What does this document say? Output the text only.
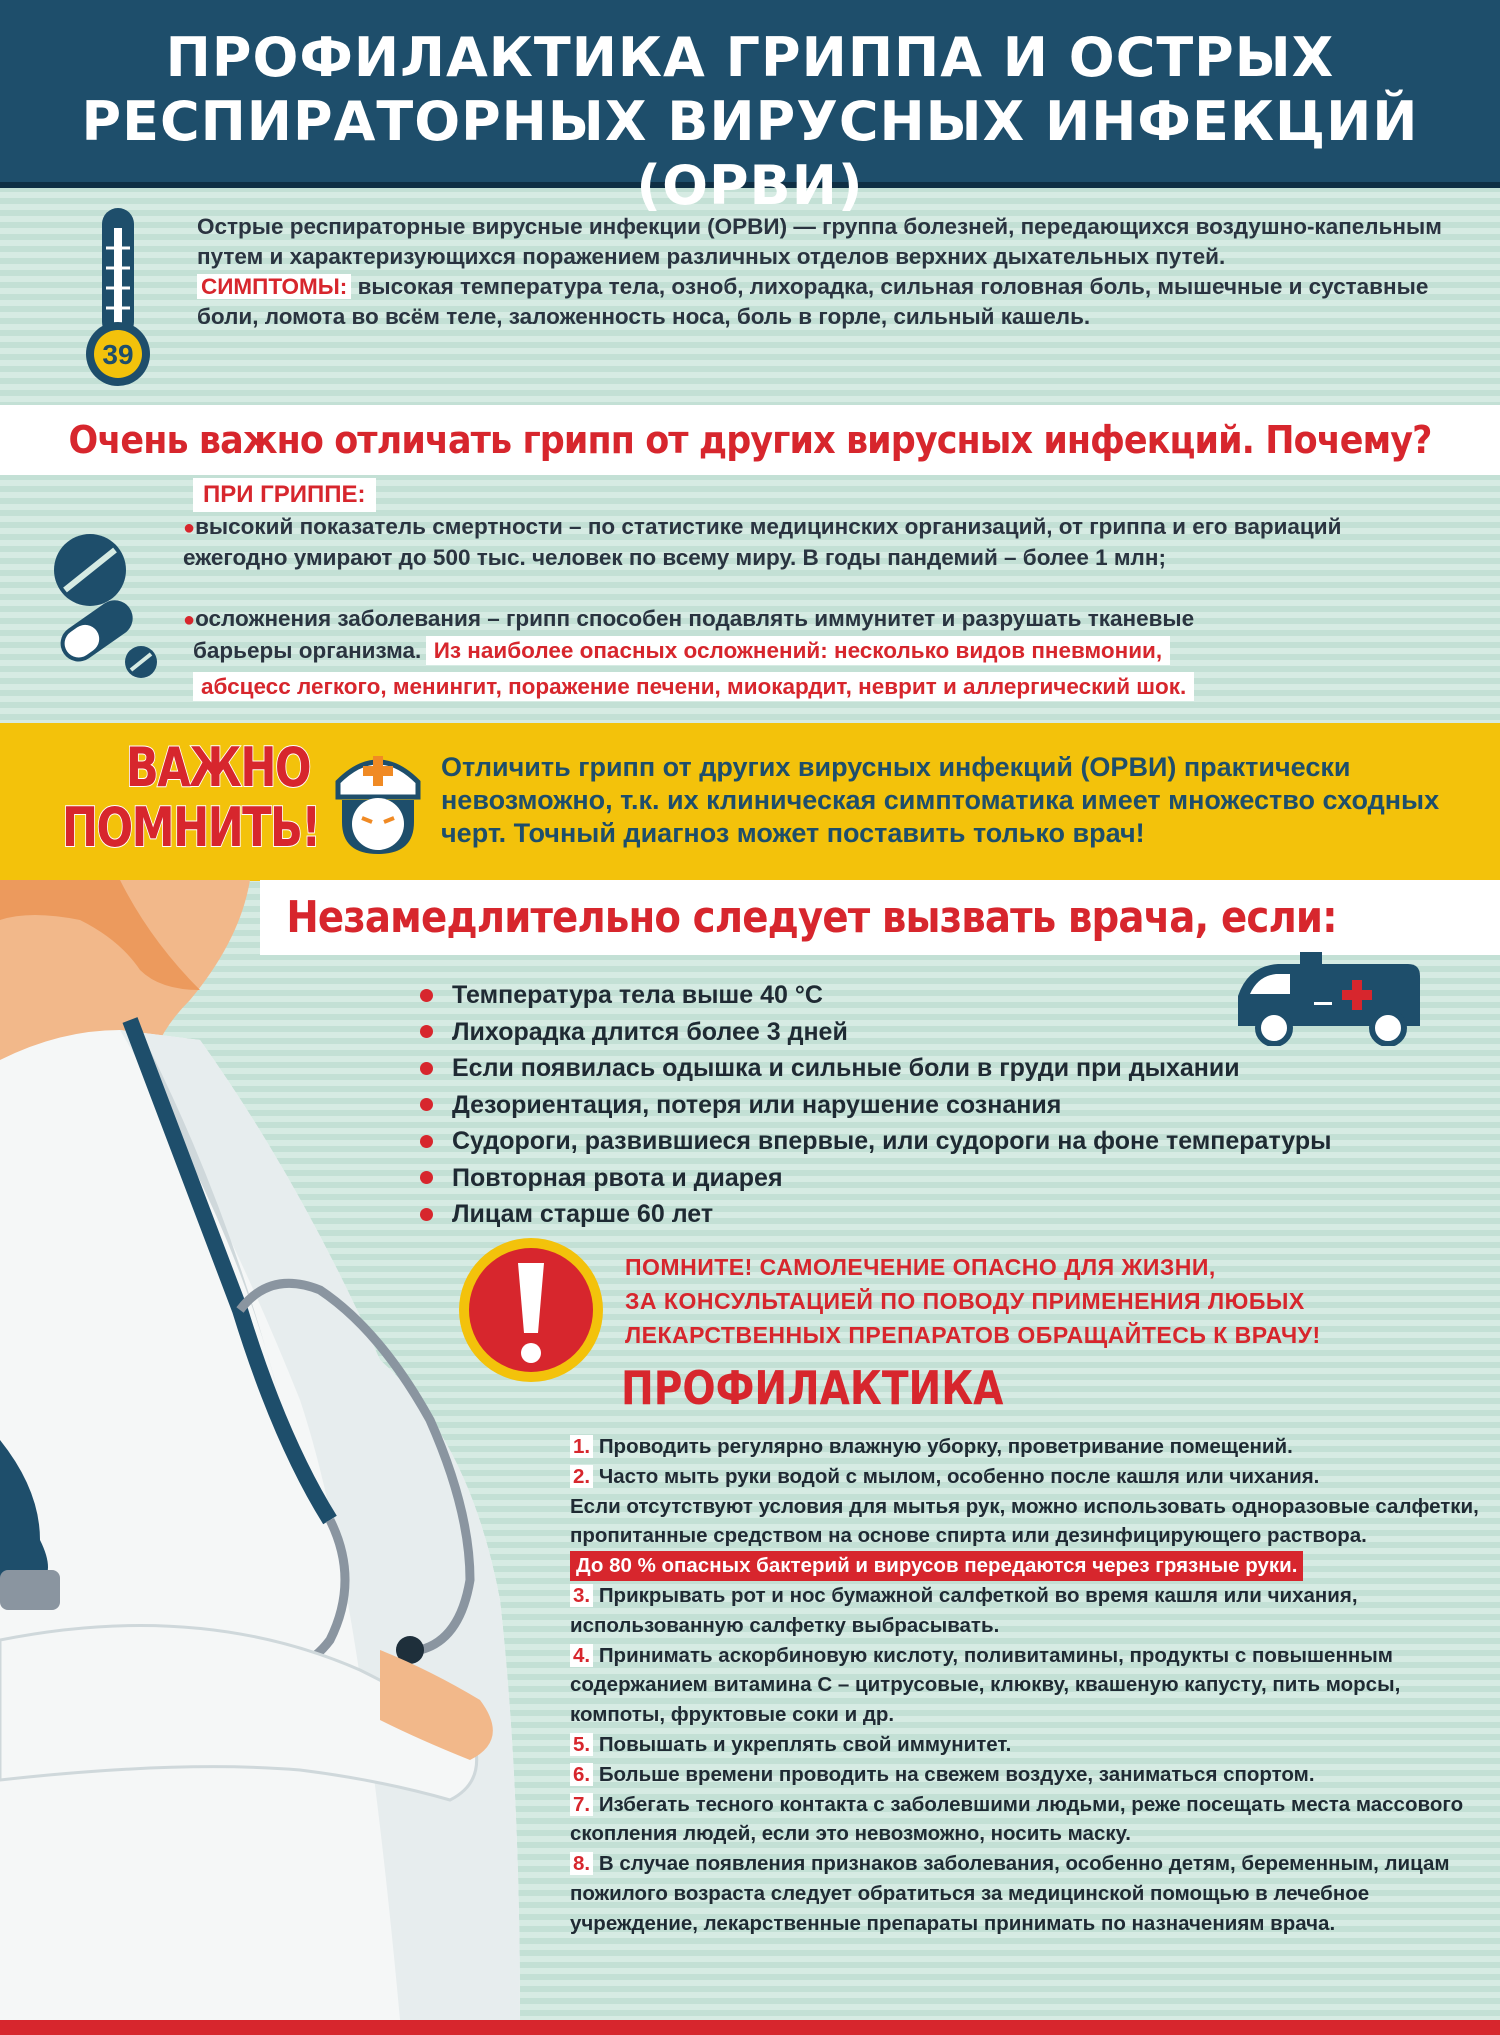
ПРОФИЛАКТИКА ГРИППА И ОСТРЫХ
РЕСПИРАТОРНЫХ ВИРУСНЫХ ИНФЕКЦИЙ (ОРВИ)
39
Острые респираторные вирусные инфекции (ОРВИ) — группа болезней, передающихся воздушно-капельным путем и характеризующихся поражением различных отделов верхних дыхательных путей.
СИМПТОМЫ: высокая температура тела, озноб, лихорадка, сильная головная боль, мышечные и суставные боли, ломота во всём теле, заложенность носа, боль в горле, сильный кашель.
Очень важно отличать грипп от других вирусных инфекций. Почему?
ПРИ ГРИППЕ:
●высокий показатель смертности – по статистике медицинских организаций, от гриппа и его вариаций ежегодно умирают до 500 тыс. человек по всему миру. В годы пандемий – более 1 млн;
●осложнения заболевания – грипп способен подавлять иммунитет и разрушать тканевые
барьеры организма. Из наиболее опасных осложнений: несколько видов пневмонии,
абсцесс легкого, менингит, поражение печени, миокардит, неврит и аллергический шок.
ВАЖНО
ПОМНИТЬ!
Отличить грипп от других вирусных инфекций (ОРВИ) практически невозможно, т.к. их клиническая симптоматика имеет множество сходных черт. Точный диагноз может поставить только врач!
Незамедлительно следует вызвать врача, если:
Температура тела выше 40 °С
Лихорадка длится более 3 дней
Если появилась одышка и сильные боли в груди при дыхании
Дезориентация, потеря или нарушение сознания
Судороги, развившиеся впервые, или судороги на фоне температуры
Повторная рвота и диарея
Лицам старше 60 лет
ПОМНИТЕ! САМОЛЕЧЕНИЕ ОПАСНО ДЛЯ ЖИЗНИ,
ЗА КОНСУЛЬТАЦИЕЙ ПО ПОВОДУ ПРИМЕНЕНИЯ ЛЮБЫХ
ЛЕКАРСТВЕННЫХ ПРЕПАРАТОВ ОБРАЩАЙТЕСЬ К ВРАЧУ!
ПРОФИЛАКТИКА

1. Проводить регулярно влажную уборку, проветривание помещений.

2. Часто мыть руки водой с мылом, особенно после кашля или чихания.
Если отсутствуют условия для мытья рук, можно использовать одноразовые салфетки, пропитанные средством на основе спирта или дезинфицирующего раствора.

До 80 % опасных бактерий и вирусов передаются через грязные руки.

3. Прикрывать рот и нос бумажной салфеткой во время кашля или чихания, использованную салфетку выбрасывать.

4. Принимать аскорбиновую кислоту, поливитамины, продукты с повышенным содержанием витамина С – цитрусовые, клюкву, квашеную капусту, пить морсы, компоты, фруктовые соки и др.

5. Повышать и укреплять свой иммунитет.

6. Больше времени проводить на свежем воздухе, заниматься спортом.

7. Избегать тесного контакта с заболевшими людьми, реже посещать места массового скопления людей, если это невозможно, носить маску.

8. В случае появления признаков заболевания, особенно детям, беременным, лицам пожилого возраста следует обратиться за медицинской помощью в лечебное учреждение, лекарственные препараты принимать по назначениям врача.
